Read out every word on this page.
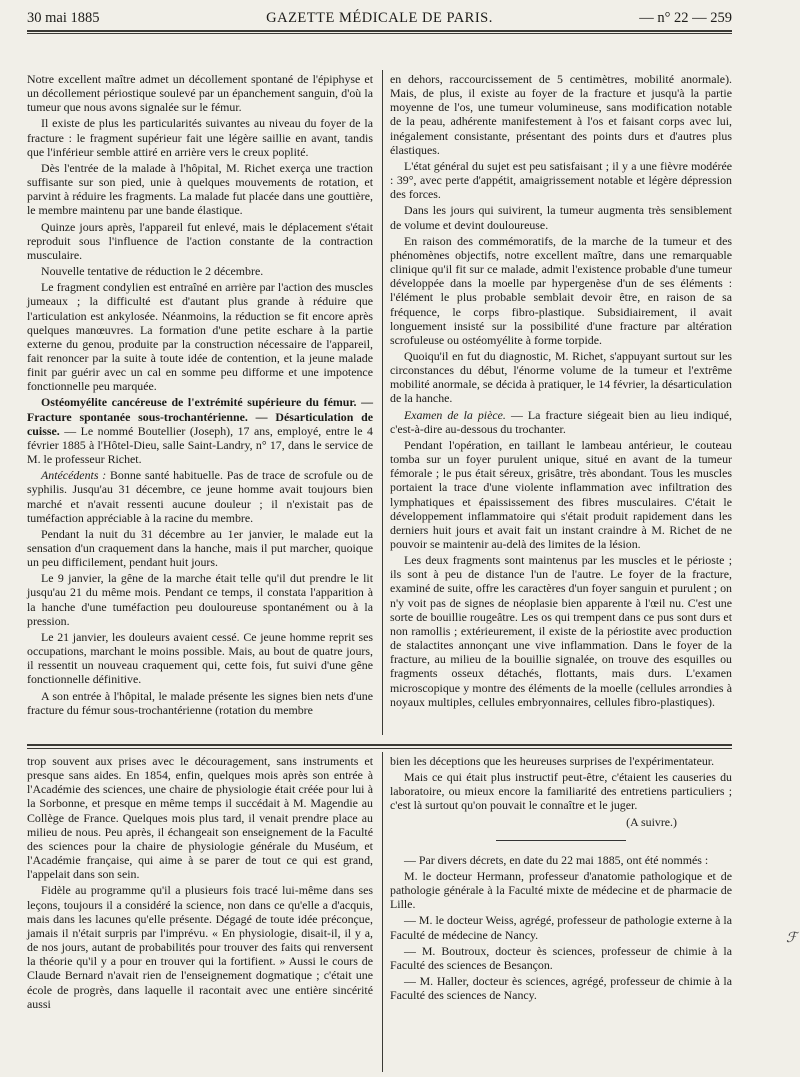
30 mai 1885	GAZETTE MÉDICALE DE PARIS.	— n° 22 — 259

Notre excellent maître admet un décollement spontané de l'épiphyse et un décollement périostique soulevé par un épanchement sanguin, d'où la tumeur que nous avons signalée sur le fémur.

Il existe de plus les particularités suivantes au niveau du foyer de la fracture : le fragment supérieur fait une légère saillie en avant, tandis que l'inférieur semble attiré en arrière vers le creux poplité.

Dès l'entrée de la malade à l'hôpital, M. Richet exerça une traction suffisante sur son pied, unie à quelques mouvements de rotation, et parvint à réduire les fragments. La malade fut placée dans une gouttière, le membre maintenu par une bande élastique.

Quinze jours après, l'appareil fut enlevé, mais le déplacement s'était reproduit sous l'influence de l'action constante de la contraction musculaire.

Nouvelle tentative de réduction le 2 décembre.

Le fragment condylien est entraîné en arrière par l'action des muscles jumeaux ; la difficulté est d'autant plus grande à réduire que l'articulation est ankylosée. Néanmoins, la réduction se fit encore après quelques manœuvres. La formation d'une petite eschare à la partie externe du genou, produite par la construction nécessaire de l'appareil, fait renoncer par la suite à toute idée de contention, et la jeune malade finit par guérir avec un cal en somme peu difforme et une impotence fonctionnelle peu marquée.

Ostéomyélite cancéreuse de l'extrémité supérieure du fémur. — Fracture spontanée sous-trochantérienne. — Désarticulation de cuisse. — Le nommé Boutellier (Joseph), 17 ans, employé, entre le 4 février 1885 à l'Hôtel-Dieu, salle Saint-Landry, n° 17, dans le service de M. le professeur Richet.

Antécédents : Bonne santé habituelle. Pas de trace de scrofule ou de syphilis. Jusqu'au 31 décembre, ce jeune homme avait toujours bien marché et n'avait ressenti aucune douleur ; il n'existait pas de tuméfaction appréciable à la racine du membre.

Pendant la nuit du 31 décembre au 1er janvier, le malade eut la sensation d'un craquement dans la hanche, mais il put marcher, quoique un peu difficilement, pendant huit jours.

Le 9 janvier, la gêne de la marche était telle qu'il dut prendre le lit jusqu'au 21 du même mois. Pendant ce temps, il constata l'apparition à la hanche d'une tuméfaction peu douloureuse spontanément ou à la pression.

Le 21 janvier, les douleurs avaient cessé. Ce jeune homme reprit ses occupations, marchant le moins possible. Mais, au bout de quatre jours, il ressentit un nouveau craquement qui, cette fois, fut suivi d'une gêne fonctionnelle définitive.

A son entrée à l'hôpital, le malade présente les signes bien nets d'une fracture du fémur sous-trochantérienne (rotation du membre

en dehors, raccourcissement de 5 centimètres, mobilité anormale). Mais, de plus, il existe au foyer de la fracture et jusqu'à la partie moyenne de l'os, une tumeur volumineuse, sans modification notable de la peau, adhérente manifestement à l'os et faisant corps avec lui, inégalement consistante, présentant des points durs et d'autres plus élastiques.

L'état général du sujet est peu satisfaisant ; il y a une fièvre modérée : 39°, avec perte d'appétit, amaigrissement notable et légère dépression des forces.

Dans les jours qui suivirent, la tumeur augmenta très sensiblement de volume et devint douloureuse.

En raison des commémoratifs, de la marche de la tumeur et des phénomènes objectifs, notre excellent maître, dans une remarquable clinique qu'il fit sur ce malade, admit l'existence probable d'une tumeur développée dans la moelle par hypergenèse d'un de ses éléments : l'élément le plus probable semblait devoir être, en raison de sa fréquence, le corps fibro-plastique. Subsidiairement, il avait longuement insisté sur la possibilité d'une fracture par altération scrofuleuse ou ostéomyélite à forme torpide.

Quoiqu'il en fut du diagnostic, M. Richet, s'appuyant surtout sur les circonstances du début, l'énorme volume de la tumeur et l'extrême mobilité anormale, se décida à pratiquer, le 14 février, la désarticulation de la hanche.

Examen de la pièce. — La fracture siégeait bien au lieu indiqué, c'est-à-dire au-dessous du trochanter.

Pendant l'opération, en taillant le lambeau antérieur, le couteau tomba sur un foyer purulent unique, situé en avant de la tumeur fémorale ; le pus était séreux, grisâtre, très abondant. Tous les muscles portaient la trace d'une violente inflammation avec infiltration des lymphatiques et épaississement des fibres musculaires. C'était le développement inflammatoire qui s'était produit rapidement dans les derniers huit jours et avait fait un instant craindre à M. Richet de ne pouvoir se maintenir au-delà des limites de la lésion.

Les deux fragments sont maintenus par les muscles et le périoste ; ils sont à peu de distance l'un de l'autre. Le foyer de la fracture, examiné de suite, offre les caractères d'un foyer sanguin et purulent ; on n'y voit pas de signes de néoplasie bien apparente à l'œil nu. C'est une sorte de bouillie rougeâtre. Les os qui trempent dans ce pus sont durs et non ramollis ; extérieurement, il existe de la périostite avec production de stalactites annonçant une vive inflammation. Dans le foyer de la fracture, au milieu de la bouillie signalée, on trouve des esquilles ou fragments osseux détachés, flottants, mais durs. L'examen microscopique y montre des éléments de la moelle (cellules arrondies à noyaux multiples, cellules embryonnaires, cellules fibro-plastiques).

trop souvent aux prises avec le découragement, sans instruments et presque sans aides. En 1854, enfin, quelques mois après son entrée à l'Académie des sciences, une chaire de physiologie était créée pour lui à la Sorbonne, et presque en même temps il succédait à M. Magendie au Collège de France. Quelques mois plus tard, il venait prendre place au milieu de nous. Peu après, il échangeait son enseignement de la Faculté des sciences pour la chaire de physiologie générale du Muséum, et l'Académie française, qui aime à se parer de tout ce qui est grand, l'appelait dans son sein.

Fidèle au programme qu'il a plusieurs fois tracé lui-même dans ses leçons, toujours il a considéré la science, non dans ce qu'elle a d'acquis, mais dans les lacunes qu'elle présente. Dégagé de toute idée préconçue, jamais il n'était surpris par l'imprévu. « En physiologie, disait-il, il y a, de nos jours, autant de probabilités pour trouver des faits qui renversent la théorie qu'il y a pour en trouver qui la fortifient. » Aussi le cours de Claude Bernard n'avait rien de l'enseignement dogmatique ; c'était une école de progrès, dans laquelle il racontait avec une entière sincérité aussi

bien les déceptions que les heureuses surprises de l'expérimentateur.

Mais ce qui était plus instructif peut-être, c'étaient les causeries du laboratoire, ou mieux encore la familiarité des entretiens particuliers ; c'est là surtout qu'on pouvait le connaître et le juger.

(A suivre.)

— Par divers décrets, en date du 22 mai 1885, ont été nommés :

M. le docteur Hermann, professeur d'anatomie pathologique et de pathologie générale à la Faculté mixte de médecine et de pharmacie de Lille.

— M. le docteur Weiss, agrégé, professeur de pathologie externe à la Faculté de médecine de Nancy.

— M. Boutroux, docteur ès sciences, professeur de chimie à la Faculté des sciences de Besançon.

— M. Haller, docteur ès sciences, agrégé, professeur de chimie à la Faculté des sciences de Nancy.

ℱ
